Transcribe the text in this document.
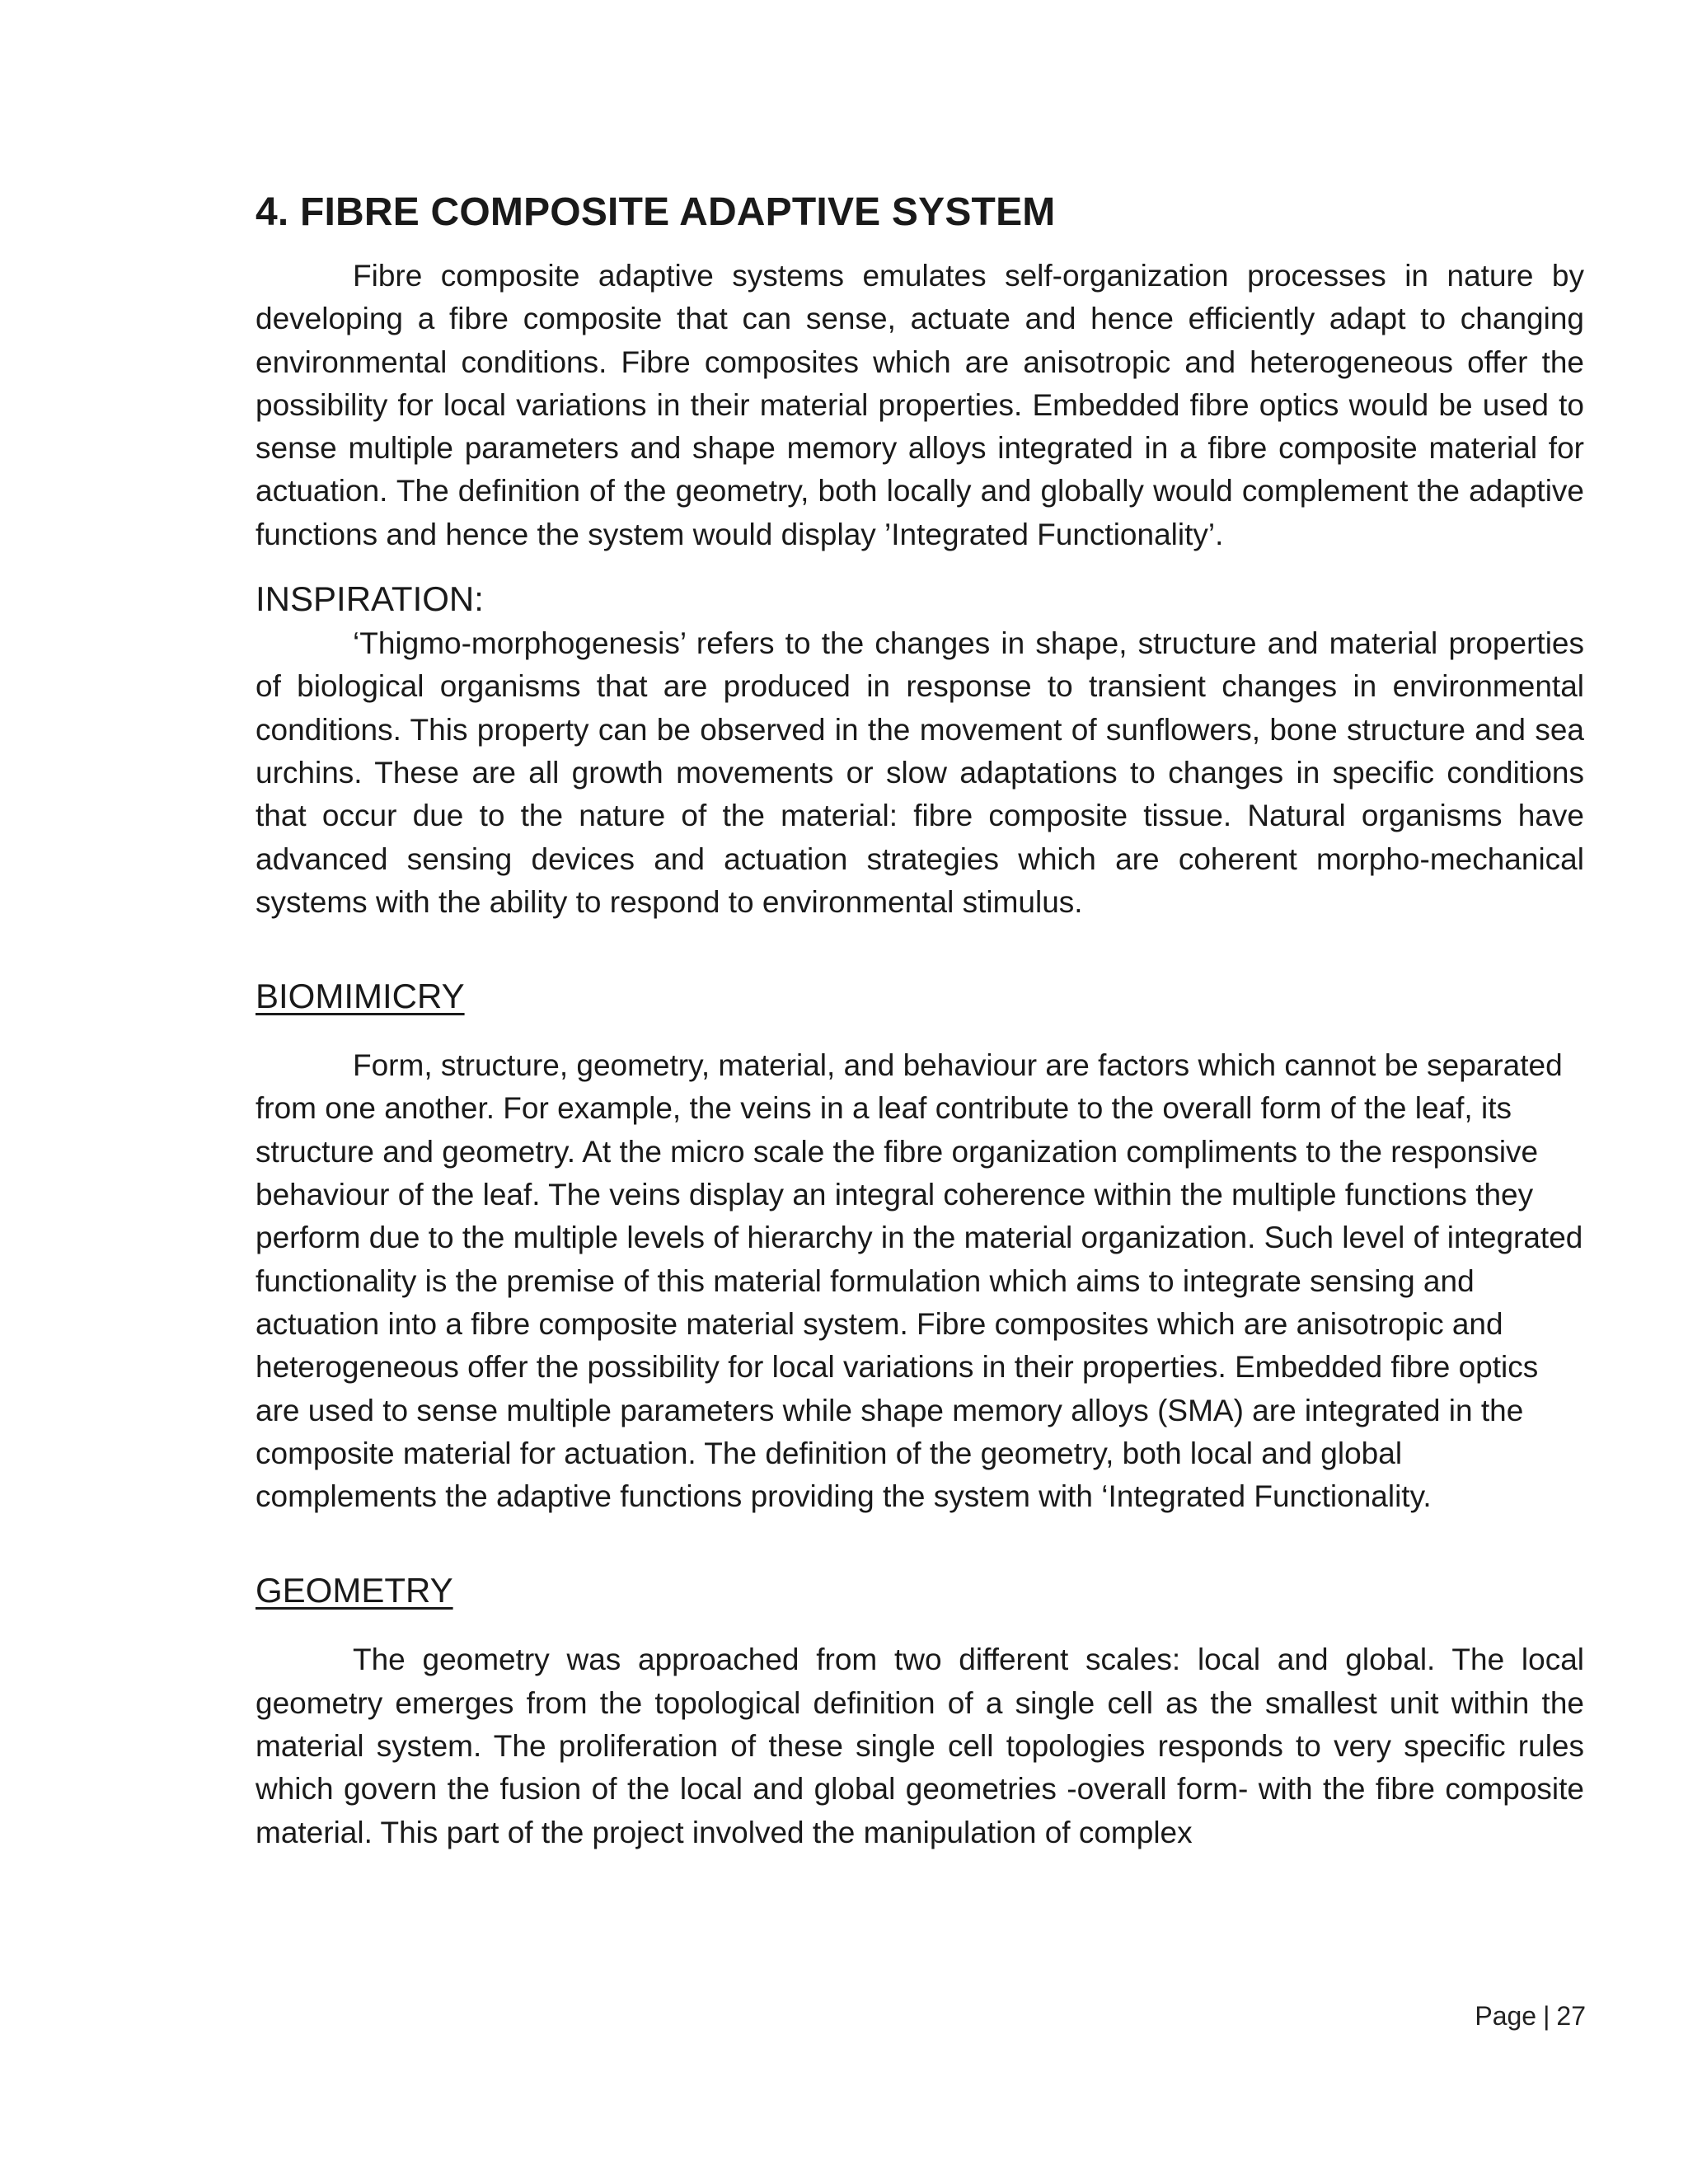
4. FIBRE COMPOSITE ADAPTIVE SYSTEM

Fibre composite adaptive systems emulates self-organization processes in nature by developing a fibre composite that can sense, actuate and hence efficiently adapt to changing environmental conditions. Fibre composites which are anisotropic and heterogeneous offer the possibility for local variations in their material properties. Embedded fibre optics would be used to sense multiple parameters and shape memory alloys integrated in a fibre composite material for actuation. The definition of the geometry, both locally and globally would complement the adaptive functions and hence the system would display ’Integrated Functionality’.

INSPIRATION:

‘Thigmo-morphogenesis’ refers to the changes in shape, structure and material properties of biological organisms that are produced in response to transient changes in environmental conditions. This property can be observed in the movement of sunflowers, bone structure and sea urchins. These are all growth movements or slow adaptations to changes in specific conditions that occur due to the nature of the material: fibre composite tissue. Natural organisms have advanced sensing devices and actuation strategies which are coherent morpho-mechanical systems with the ability to respond to environmental stimulus.

BIOMIMICRY

Form, structure, geometry, material, and behaviour are factors which cannot be separated from one another. For example, the veins in a leaf contribute to the overall form of the leaf, its structure and geometry. At the micro scale the fibre organization compliments to the responsive behaviour of the leaf. The veins display an integral coherence within the multiple functions they perform due to the multiple levels of hierarchy in the material organization. Such level of integrated functionality is the premise of this material formulation which aims to integrate sensing and actuation into a fibre composite material system. Fibre composites which are anisotropic and heterogeneous offer the possibility for local variations in their properties. Embedded fibre optics are used to sense multiple parameters while shape memory alloys (SMA) are integrated in the composite material for actuation. The definition of the geometry, both local and global complements the adaptive functions providing the system with ‘Integrated Functionality.

GEOMETRY

The geometry was approached from two different scales: local and global. The local geometry emerges from the topological definition of a single cell as the smallest unit within the material system. The proliferation of these single cell topologies responds to very specific rules which govern the fusion of the local and global geometries -overall form- with the fibre composite material. This part of the project involved the manipulation of complex

Page | 27
